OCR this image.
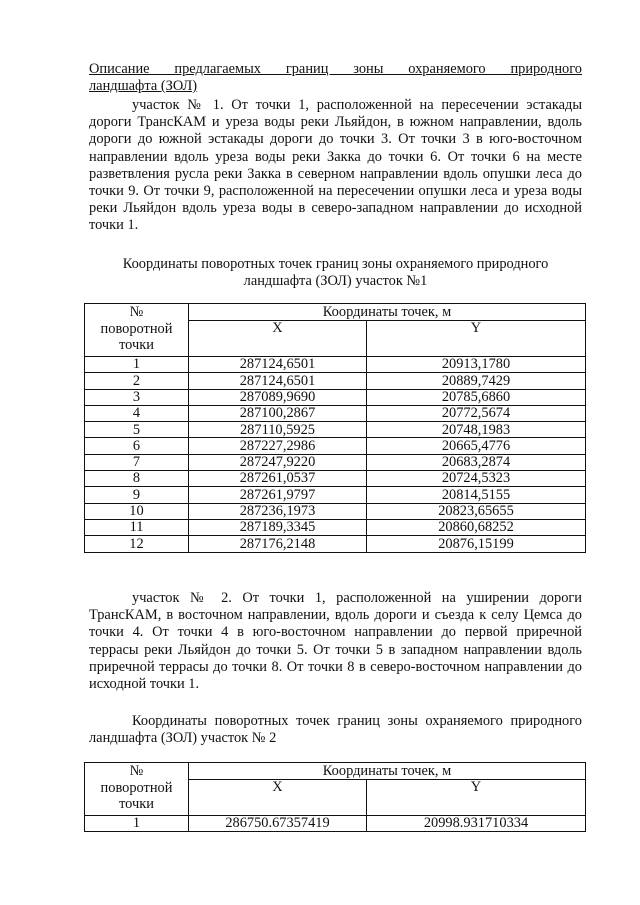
Описание предлагаемых границ зоны охраняемого природного
ландшафта (ЗОЛ)
участок № 1. От точки 1, расположенной на пересечении эстакады дороги ТрансКАМ и уреза воды реки Льяйдон, в южном направлении, вдоль дороги до южной эстакады дороги до точки 3. От точки 3 в юго-восточном направлении вдоль уреза воды реки Закка до точки 6. От точки 6 на месте разветвления русла реки Закка в северном направлении вдоль опушки леса до точки 9. От точки 9, расположенной на пересечении опушки леса и уреза воды реки Льяйдон вдоль уреза воды в северо-западном направлении до исходной точки 1.
Координаты поворотных точек границ зоны охраняемого природного
ландшафта (ЗОЛ) участок №1
№
поворотной
точки	Координаты точек, м	
	X	Y
1	287124,6501	20913,1780
2	287124,6501	20889,7429
3	287089,9690	20785,6860
4	287100,2867	20772,5674
5	287110,5925	20748,1983
6	287227,2986	20665,4776
7	287247,9220	20683,2874
8	287261,0537	20724,5323
9	287261,9797	20814,5155
10	287236,1973	20823,65655
11	287189,3345	20860,68252
12	287176,2148	20876,15199
участок № 2. От точки 1, расположенной на уширении дороги ТрансКАМ, в восточном направлении, вдоль дороги и съезда к селу Цемса до точки 4. От точки 4 в юго-восточном направлении до первой приречной террасы реки Льяйдон до точки 5. От точки 5 в западном направлении вдоль приречной террасы до точки 8. От точки 8 в северо-восточном направлении до исходной точки 1.
Координаты поворотных точек границ зоны охраняемого природного ландшафта (ЗОЛ) участок № 2
№
поворотной
точки	Координаты точек, м	
	X	Y
1	286750.67357419	20998.931710334
